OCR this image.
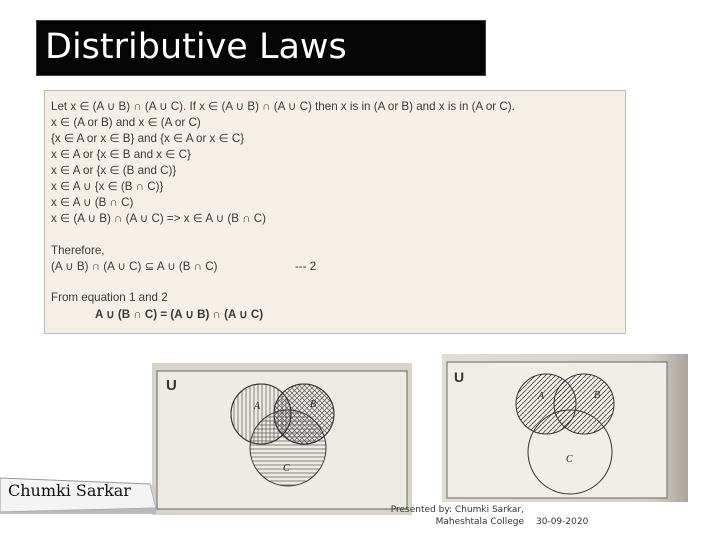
Distributive Laws
Let x ∈ (A ∪ B) ∩ (A ∪ C). If x ∈ (A ∪ B) ∩ (A ∪ C) then x is in (A or B) and x is in (A or C).
x ∈ (A or B) and x ∈ (A or C)
{x ∈ A or x ∈ B} and {x ∈ A or x ∈ C}
x ∈ A or {x ∈ B and x ∈ C}
x ∈ A or {x ∈ (B and C)}
x ∈ A ∪ {x ∈ (B ∩ C)}
x ∈ A ∪ (B ∩ C)
x ∈ (A ∪ B) ∩ (A ∪ C) => x ∈ A ∪ (B ∩ C)
Therefore,
(A ∪ B) ∩ (A ∪ C) ⊆ A ∪ (B ∩ C)	--- 2
From equation 1 and 2
A ∪ (B ∩ C) = (A ∪ B) ∩ (A ∪ C)
U
A	B
C
U
A	B
C
Chumki Sarkar
Presented by: Chumki Sarkar,
Maheshtala College 30-09-2020
